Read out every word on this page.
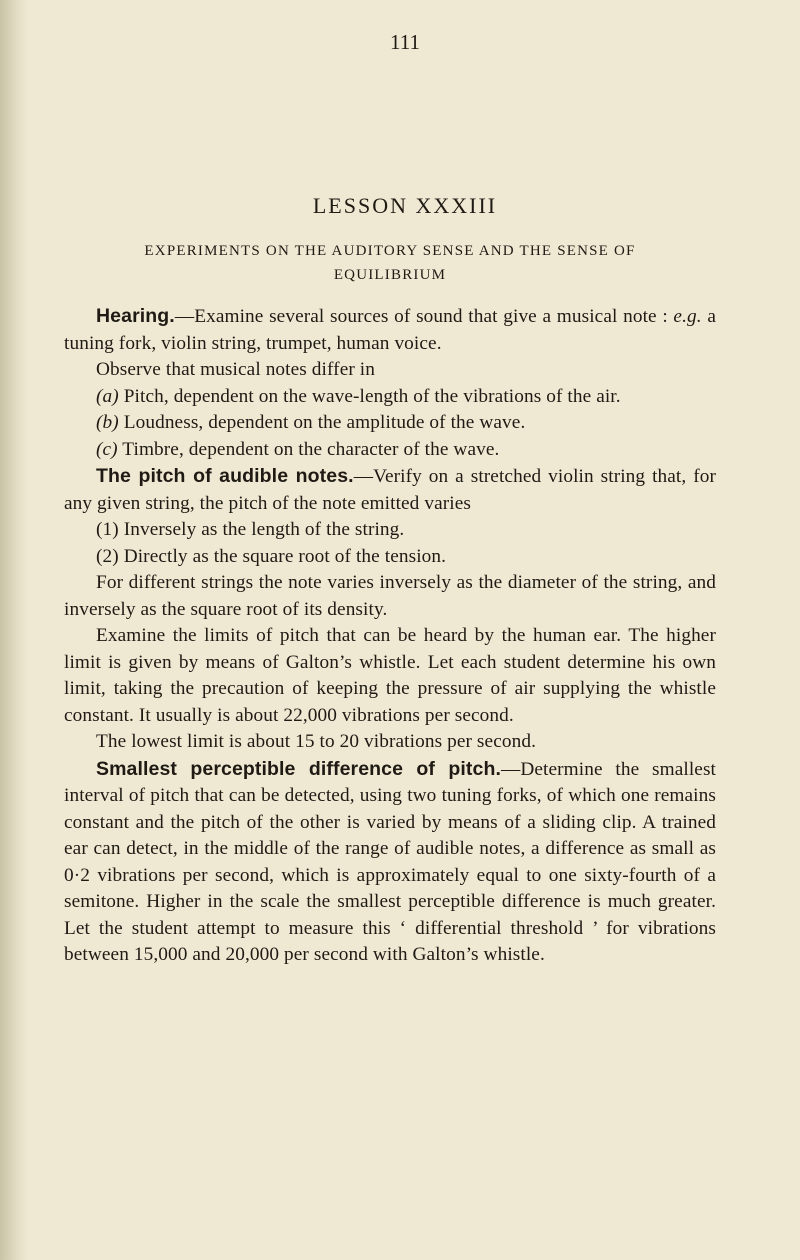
111
LESSON XXXIII
EXPERIMENTS ON THE AUDITORY SENSE AND THE SENSE OF
EQUILIBRIUM

Hearing.—Examine several sources of sound that give a musical note : e.g. a tuning fork, violin string, trumpet, human voice.

Observe that musical notes differ in

(a) Pitch, dependent on the wave-length of the vibrations of the air.

(b) Loudness, dependent on the amplitude of the wave.

(c) Timbre, dependent on the character of the wave.

The pitch of audible notes.—Verify on a stretched violin string that, for any given string, the pitch of the note emitted varies

(1) Inversely as the length of the string.

(2) Directly as the square root of the tension.

For different strings the note varies inversely as the diameter of the string, and inversely as the square root of its density.

Examine the limits of pitch that can be heard by the human ear. The higher limit is given by means of Galton’s whistle. Let each student determine his own limit, taking the precaution of keeping the pressure of air supplying the whistle constant. It usually is about 22,000 vibrations per second.

The lowest limit is about 15 to 20 vibrations per second.

Smallest perceptible difference of pitch.—Determine the smallest interval of pitch that can be detected, using two tuning forks, of which one remains constant and the pitch of the other is varied by means of a sliding clip. A trained ear can detect, in the middle of the range of audible notes, a difference as small as 0·2 vibrations per second, which is approximately equal to one sixty-fourth of a semitone. Higher in the scale the smallest perceptible difference is much greater. Let the student attempt to measure this ‘ differential threshold ’ for vibrations between 15,000 and 20,000 per second with Galton’s whistle.
